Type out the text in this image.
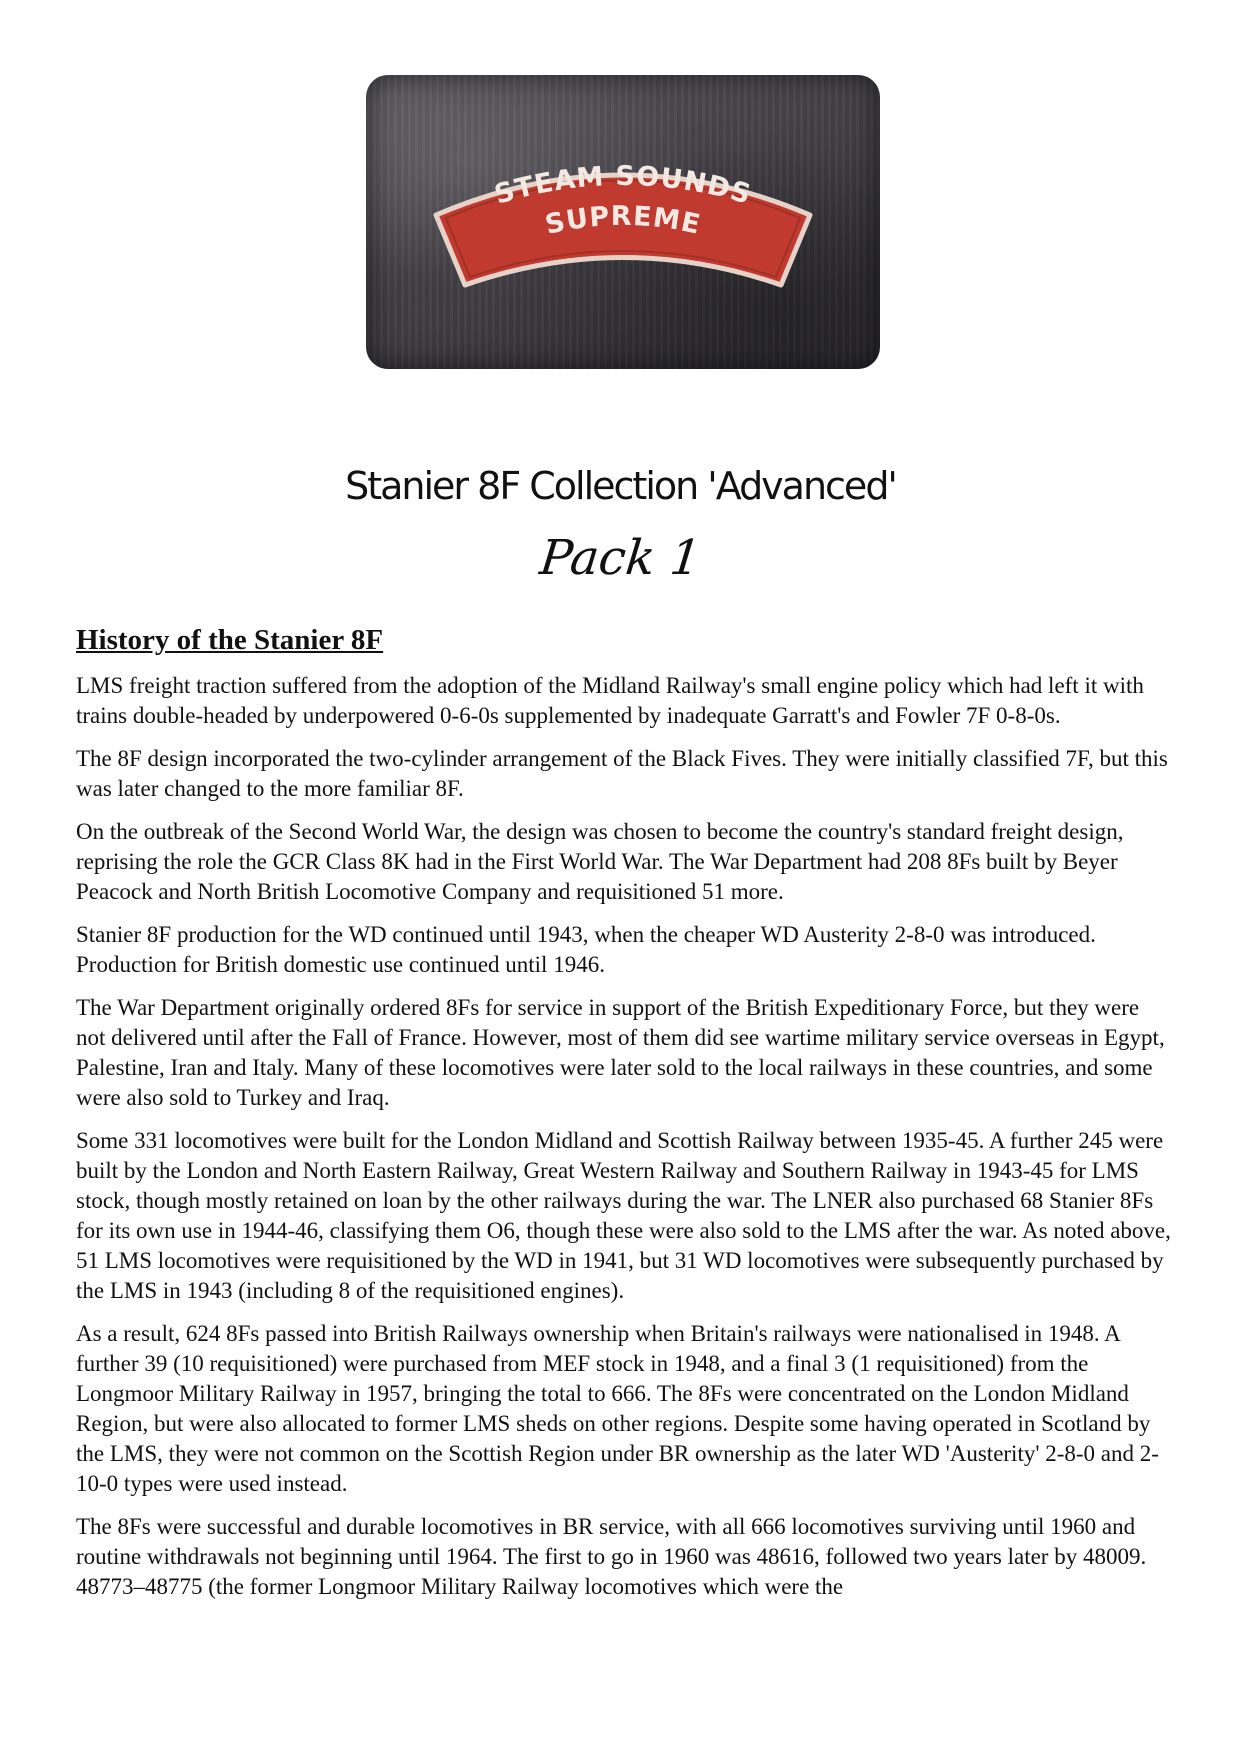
STEAM SOUNDS
SUPREME
Stanier 8F Collection 'Advanced'
Pack 1
History of the Stanier 8F

LMS freight traction suffered from the adoption of the Midland Railway's small engine policy which had left it with trains double-headed by underpowered 0-6-0s supplemented by inadequate Garratt's and Fowler 7F 0-8-0s.

The 8F design incorporated the two-cylinder arrangement of the Black Fives. They were initially classified 7F, but this was later changed to the more familiar 8F.

On the outbreak of the Second World War, the design was chosen to become the country's standard freight design, reprising the role the GCR Class 8K had in the First World War. The War Department had 208 8Fs built by Beyer Peacock and North British Locomotive Company and requisitioned 51 more.

Stanier 8F production for the WD continued until 1943, when the cheaper WD Austerity 2-8-0 was introduced. Production for British domestic use continued until 1946.

The War Department originally ordered 8Fs for service in support of the British Expeditionary Force, but they were not delivered until after the Fall of France. However, most of them did see wartime military service overseas in Egypt, Palestine, Iran and Italy. Many of these locomotives were later sold to the local railways in these countries, and some were also sold to Turkey and Iraq.

Some 331 locomotives were built for the London Midland and Scottish Railway between 1935-45. A further 245 were built by the London and North Eastern Railway, Great Western Railway and Southern Railway in 1943-45 for LMS stock, though mostly retained on loan by the other railways during the war. The LNER also purchased 68 Stanier 8Fs for its own use in 1944-46, classifying them O6, though these were also sold to the LMS after the war. As noted above, 51 LMS locomotives were requisitioned by the WD in 1941, but 31 WD locomotives were subsequently purchased by the LMS in 1943 (including 8 of the requisitioned engines).

As a result, 624 8Fs passed into British Railways ownership when Britain's railways were nationalised in 1948. A further 39 (10 requisitioned) were purchased from MEF stock in 1948, and a final 3 (1 requisitioned) from the Longmoor Military Railway in 1957, bringing the total to 666. The 8Fs were concentrated on the London Midland Region, but were also allocated to former LMS sheds on other regions. Despite some having operated in Scotland by the LMS, they were not common on the Scottish Region under BR ownership as the later WD 'Austerity' 2-8-0 and 2-10-0 types were used instead.

The 8Fs were successful and durable locomotives in BR service, with all 666 locomotives surviving until 1960 and routine withdrawals not beginning until 1964. The first to go in 1960 was 48616, followed two years later by 48009. 48773–48775 (the former Longmoor Military Railway locomotives which were the
